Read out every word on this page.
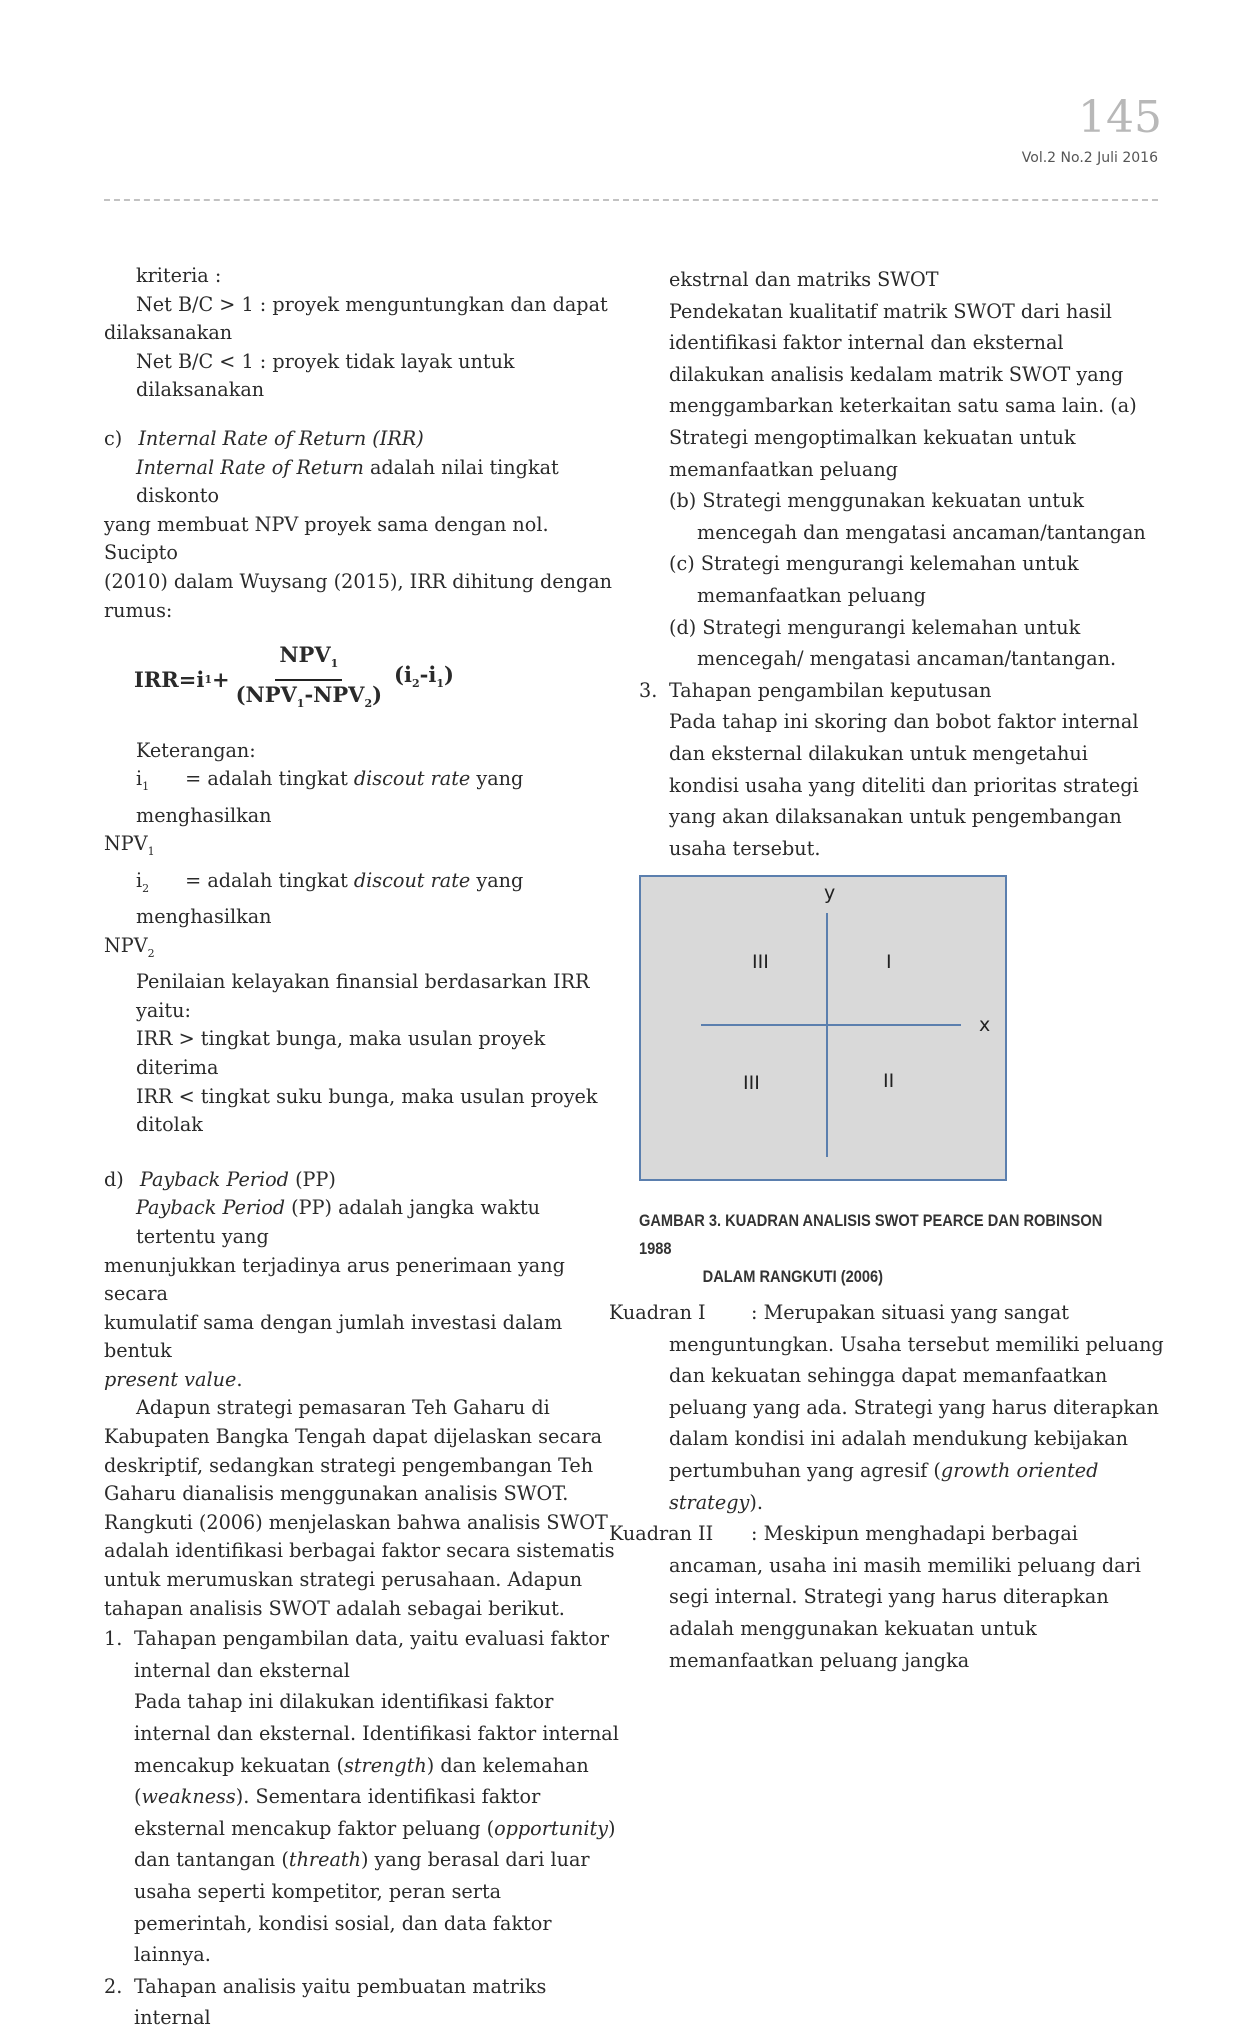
145
Vol.2 No.2 Juli 2016

kriteria :

Net B/C > 1 : proyek menguntungkan dan dapat

dilaksanakan

Net B/C < 1 : proyek tidak layak untuk dilaksanakan

c) Internal Rate of Return (IRR)

Internal Rate of Return adalah nilai tingkat diskonto

yang membuat NPV proyek sama dengan nol. Sucipto

(2010) dalam Wuysang (2015), IRR dihitung dengan

rumus:

IRR=i $1 + \frac{NPV_1}{(NPV_1-NPV_2)} (i_2-i_1)$

Keterangan:

$i_1$ = adalah tingkat discout rate yang menghasilkan

$NPV_1$

$i_2$ = adalah tingkat discout rate yang menghasilkan

$NPV_2$

Penilaian kelayakan finansial berdasarkan IRR yaitu:

IRR > tingkat bunga, maka usulan proyek diterima

IRR < tingkat suku bunga, maka usulan proyek ditolak

d) Payback Period (PP)

Payback Period (PP) adalah jangka waktu tertentu yang

menunjukkan terjadinya arus penerimaan yang secara

kumulatif sama dengan jumlah investasi dalam bentuk

present value.

Adapun strategi pemasaran Teh Gaharu di Kabupaten Bangka Tengah dapat dijelaskan secara deskriptif, sedangkan strategi pengembangan Teh Gaharu dianalisis menggunakan analisis SWOT. Rangkuti (2006) menjelaskan bahwa analisis SWOT adalah identifikasi berbagai faktor secara sistematis untuk merumuskan strategi perusahaan. Adapun tahapan analisis SWOT adalah sebagai berikut.

1. Tahapan pengambilan data, yaitu evaluasi faktor internal dan eksternal
Pada tahap ini dilakukan identifikasi faktor internal dan eksternal. Identifikasi faktor internal mencakup kekuatan (strength) dan kelemahan (weakness). Sementara identifikasi faktor eksternal mencakup faktor peluang (opportunity) dan tantangan (threath) yang berasal dari luar usaha seperti kompetitor, peran serta pemerintah, kondisi sosial, dan data faktor lainnya.
2. Tahapan analisis yaitu pembuatan matriks internal

ekstrnal dan matriks SWOT

Pendekatan kualitatif matrik SWOT dari hasil identifikasi faktor internal dan eksternal dilakukan analisis kedalam matrik SWOT yang menggambarkan keterkaitan satu sama lain. (a) Strategi mengoptimalkan kekuatan untuk memanfaatkan peluang

(b) Strategi menggunakan kekuatan untuk mencegah dan mengatasi ancaman/tantangan

(c) Strategi mengurangi kelemahan untuk memanfaatkan peluang

(d) Strategi mengurangi kelemahan untuk mencegah/ mengatasi ancaman/tantangan.

3. Tahapan pengambilan keputusan
Pada tahap ini skoring dan bobot faktor internal dan eksternal dilakukan untuk mengetahui kondisi usaha yang diteliti dan prioritas strategi yang akan dilaksanakan untuk pengembangan usaha tersebut.
y
x
III	I
III	II
GAMBAR 3. KUADRAN ANALISIS SWOT PEARCE DAN ROBINSON 1988
DALAM RANGKUTI (2006)
Kuadran I : Merupakan situasi yang sangat menguntungkan. Usaha tersebut memiliki peluang dan kekuatan sehingga dapat memanfaatkan peluang yang ada. Strategi yang harus diterapkan dalam kondisi ini adalah mendukung kebijakan pertumbuhan yang agresif (growth oriented strategy).
Kuadran II : Meskipun menghadapi berbagai ancaman, usaha ini masih memiliki peluang dari segi internal. Strategi yang harus diterapkan adalah menggunakan kekuatan untuk memanfaatkan peluang jangka
